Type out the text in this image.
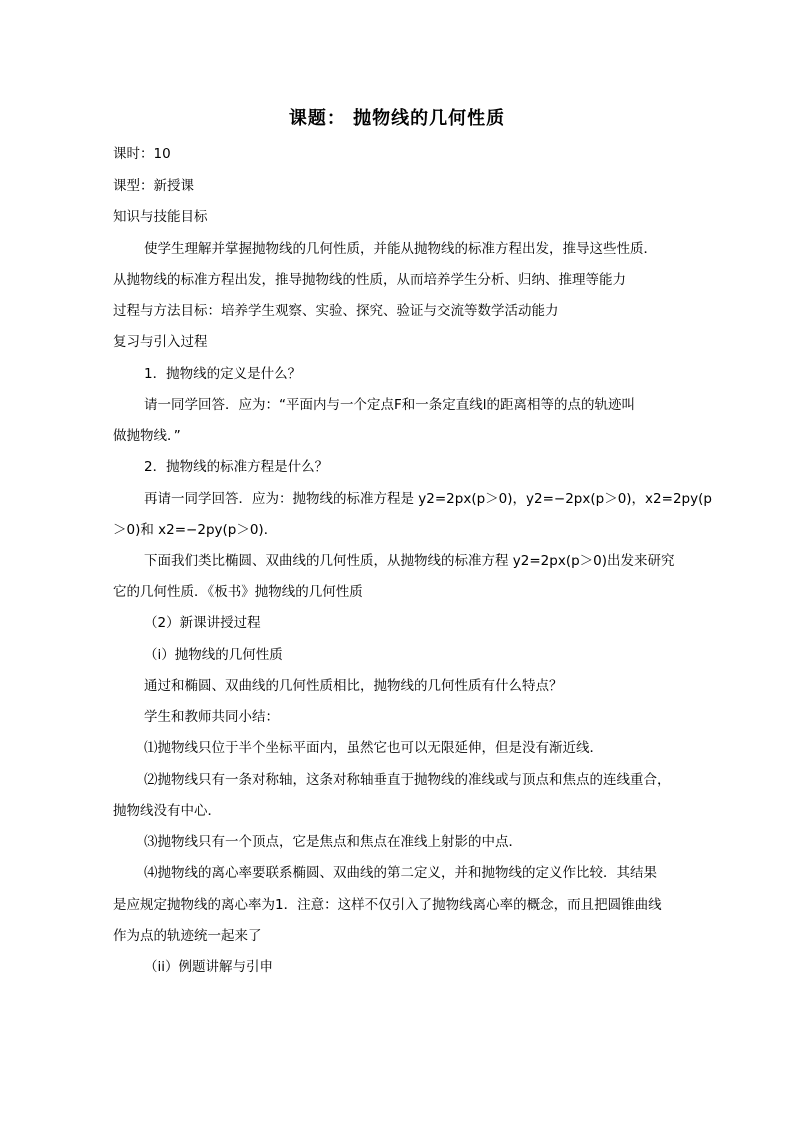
课题： 抛物线的几何性质
课时：10
课型：新授课
知识与技能目标
使学生理解并掌握抛物线的几何性质，并能从抛物线的标准方程出发，推导这些性质．
从抛物线的标准方程出发，推导抛物线的性质，从而培养学生分析、归纳、推理等能力
过程与方法目标：培养学生观察、实验、探究、验证与交流等数学活动能力
复习与引入过程
1．抛物线的定义是什么？
请一同学回答．应为：“平面内与一个定点F和一条定直线l的距离相等的点的轨迹叫
做抛物线．”
2．抛物线的标准方程是什么？
再请一同学回答．应为：抛物线的标准方程是 y2=2px(p＞0)，y2=−2px(p＞0)，x2=2py(p
＞0)和 x2=−2py(p＞0)．
下面我们类比椭圆、双曲线的几何性质，从抛物线的标准方程 y2=2px(p＞0)出发来研究
它的几何性质．《板书》抛物线的几何性质
（2）新课讲授过程
（i）抛物线的几何性质
通过和椭圆、双曲线的几何性质相比，抛物线的几何性质有什么特点？
学生和教师共同小结：
⑴抛物线只位于半个坐标平面内，虽然它也可以无限延伸，但是没有渐近线．
⑵抛物线只有一条对称轴，这条对称轴垂直于抛物线的准线或与顶点和焦点的连线重合，
抛物线没有中心．
⑶抛物线只有一个顶点，它是焦点和焦点在准线上射影的中点．
⑷抛物线的离心率要联系椭圆、双曲线的第二定义，并和抛物线的定义作比较．其结果
是应规定抛物线的离心率为1．注意：这样不仅引入了抛物线离心率的概念，而且把圆锥曲线
作为点的轨迹统一起来了
（ii）例题讲解与引申
